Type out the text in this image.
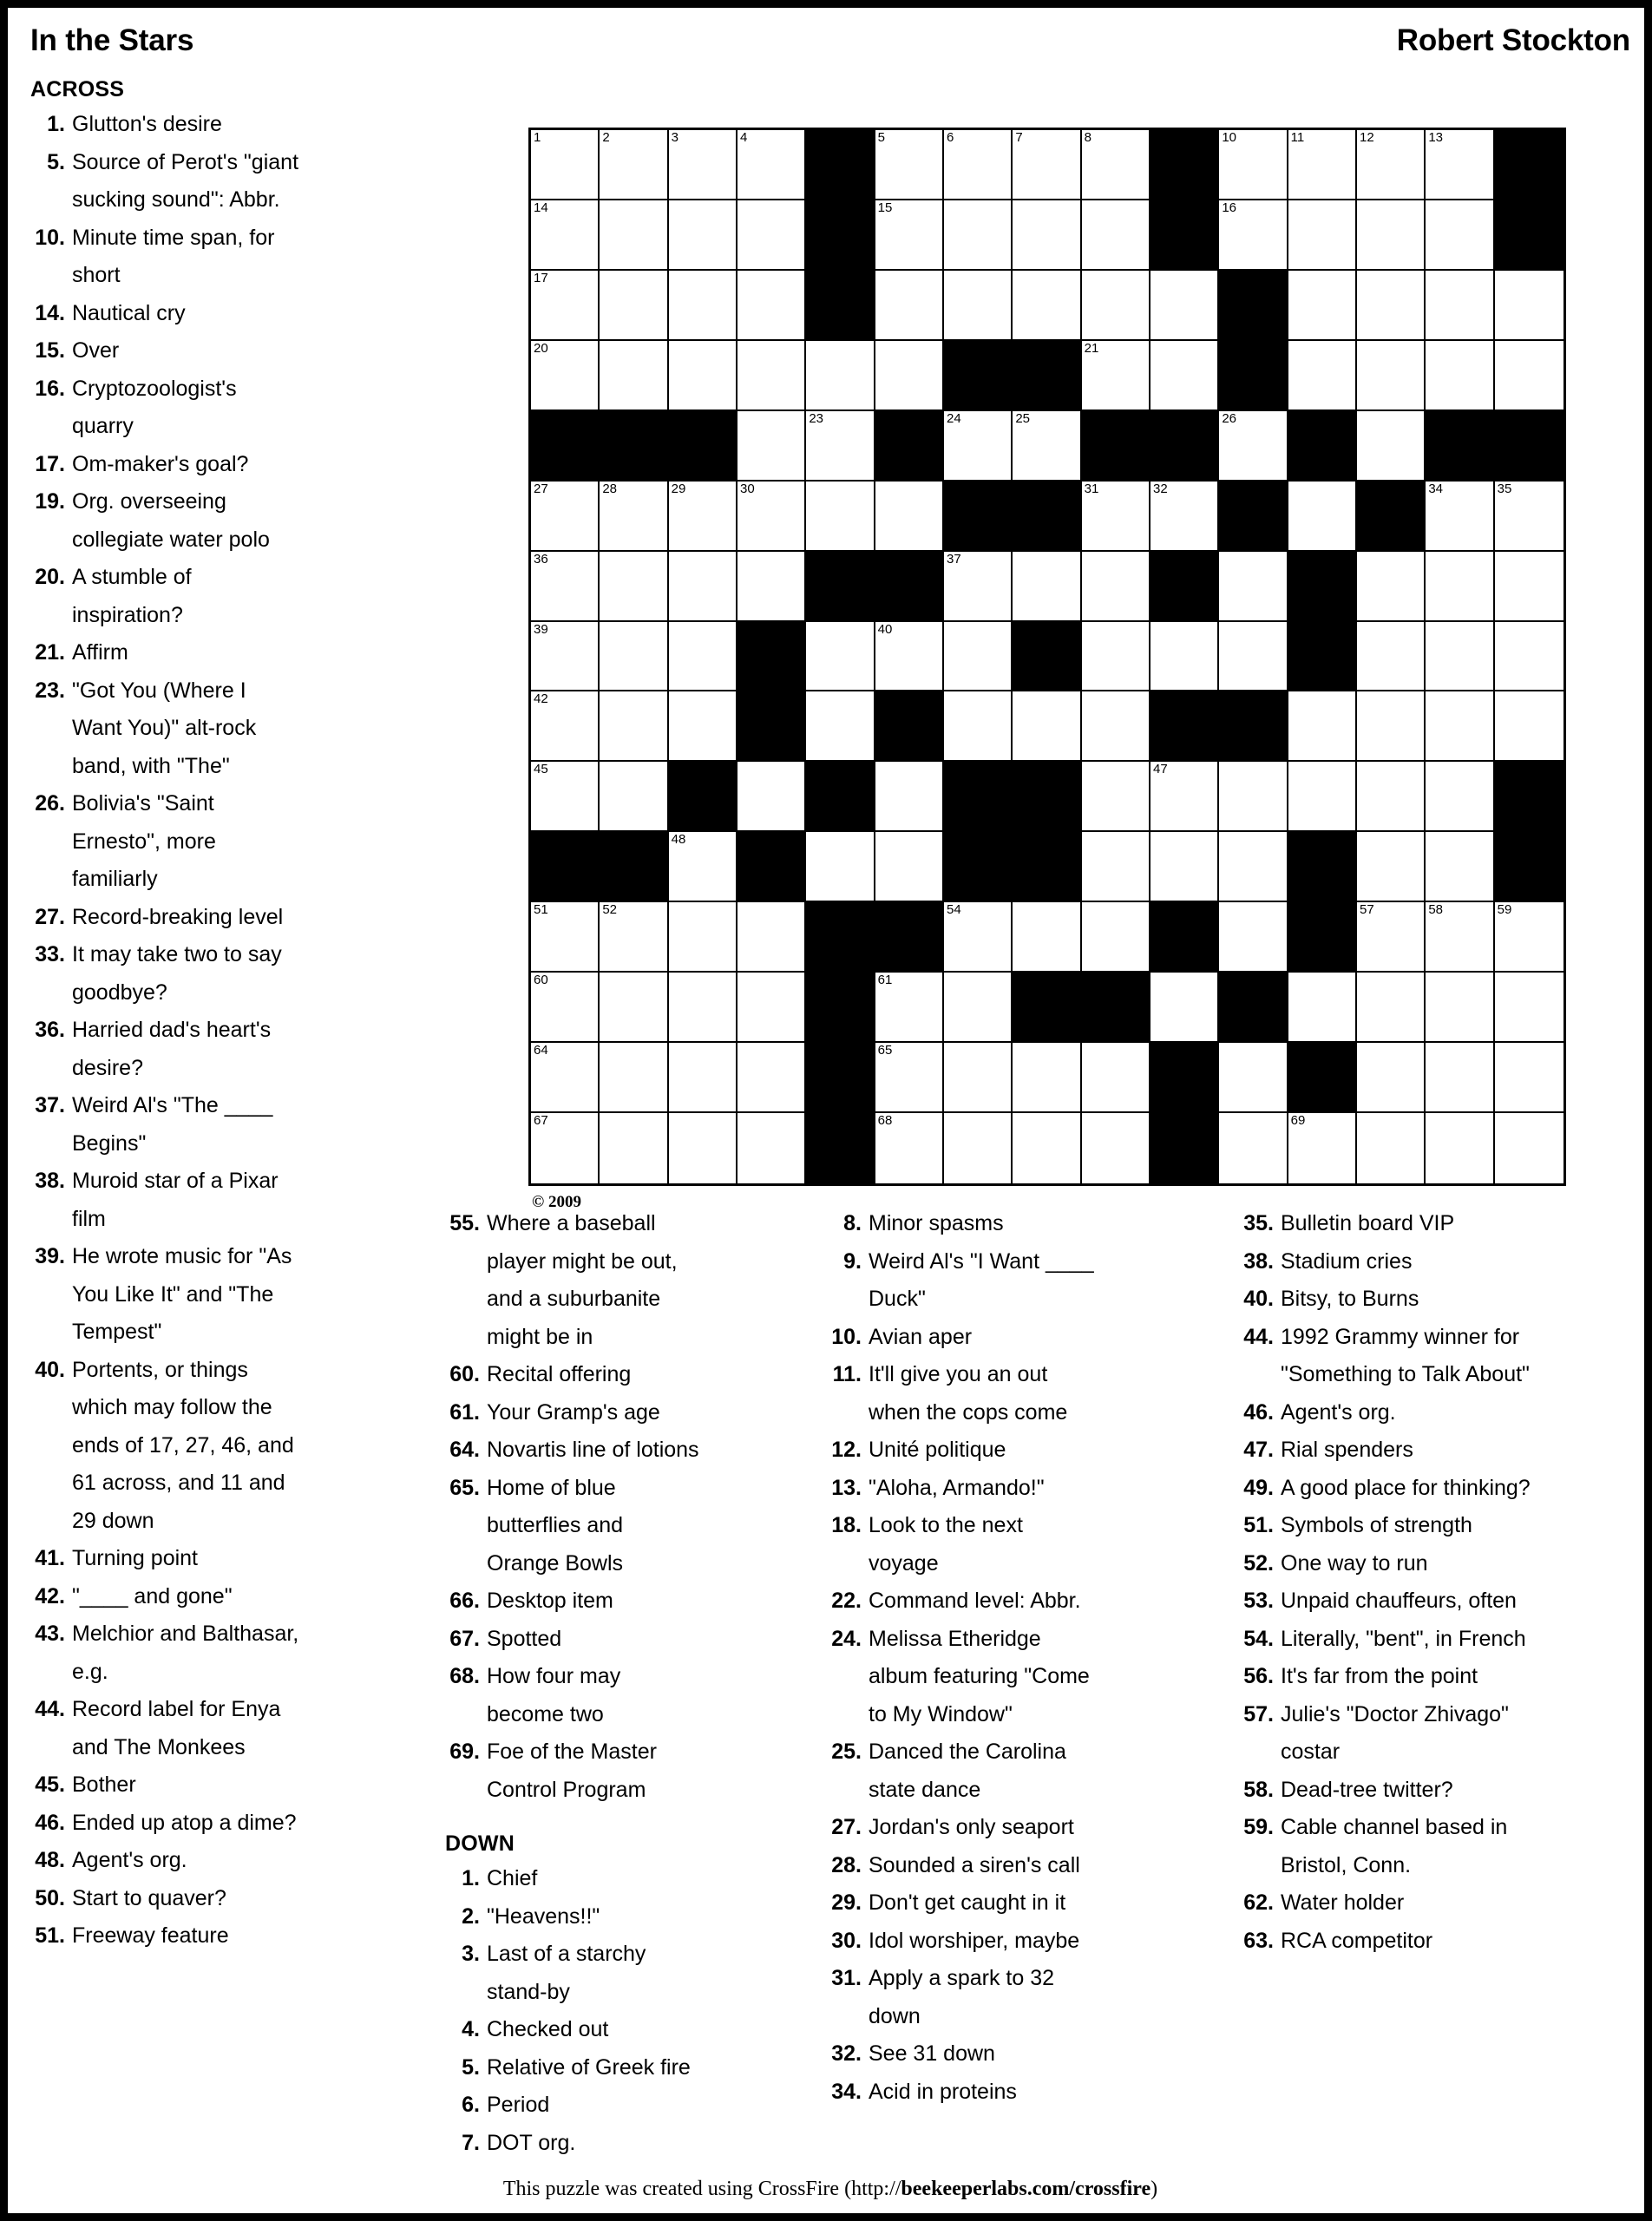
In the Stars	Robert Stockton
ACROSS
1. Glutton's desire
5. Source of Perot's "giant sucking sound": Abbr.
10. Minute time span, for short
14. Nautical cry
15. Over
16. Cryptozoologist's quarry
17. Om-maker's goal?
19. Org. overseeing collegiate water polo
20. A stumble of inspiration?
21. Affirm
23. "Got You (Where I Want You)" alt-rock band, with "The"
26. Bolivia's "Saint Ernesto", more familiarly
27. Record-breaking level
33. It may take two to say goodbye?
36. Harried dad's heart's desire?
37. Weird Al's "The ____ Begins"
38. Muroid star of a Pixar film
39. He wrote music for "As You Like It" and "The Tempest"
40. Portents, or things which may follow the ends of 17, 27, 46, and 61 across, and 11 and 29 down
41. Turning point
42. "____ and gone"
43. Melchior and Balthasar, e.g.
44. Record label for Enya and The Monkees
45. Bother
46. Ended up atop a dime?
48. Agent's org.
50. Start to quaver?
51. Freeway feature
55. Where a baseball player might be out, and a suburbanite might be in
60. Recital offering
61. Your Gramp's age
64. Novartis line of lotions
65. Home of blue butterflies and Orange Bowls
66. Desktop item
67. Spotted
68. How four may become two
69. Foe of the Master Control Program
DOWN
1. Chief
2. "Heavens!!"
3. Last of a starchy stand-by
4. Checked out
5. Relative of Greek fire
6. Period
7. DOT org.
8. Minor spasms
9. Weird Al's "I Want ____ Duck"
10. Avian aper
11. It'll give you an out when the cops come
12. Unité politique
13. "Aloha, Armando!"
18. Look to the next voyage
22. Command level: Abbr.
24. Melissa Etheridge album featuring "Come to My Window"
25. Danced the Carolina state dance
27. Jordan's only seaport
28. Sounded a siren's call
29. Don't get caught in it
30. Idol worshiper, maybe
31. Apply a spark to 32 down
32. See 31 down
34. Acid in proteins
35. Bulletin board VIP
38. Stadium cries
40. Bitsy, to Burns
44. 1992 Grammy winner for "Something to Talk About"
46. Agent's org.
47. Rial spenders
49. A good place for thinking?
51. Symbols of strength
52. One way to run
53. Unpaid chauffeurs, often
54. Literally, "bent", in French
56. It's far from the point
57. Julie's "Doctor Zhivago" costar
58. Dead-tree twitter?
59. Cable channel based in Bristol, Conn.
62. Water holder
63. RCA competitor
1	2	3	4	5	6	7	8	10	11	12	13
14	15	16
17
20	21
23	24	25	26
27	28	29	30	31	32	34	35
36	37
39	40
42
45	47
48
51	52	54	57	58	59
60	61
64	65
67	68	69
© 2009
This puzzle was created using CrossFire (http://beekeeperlabs.com/crossfire)
